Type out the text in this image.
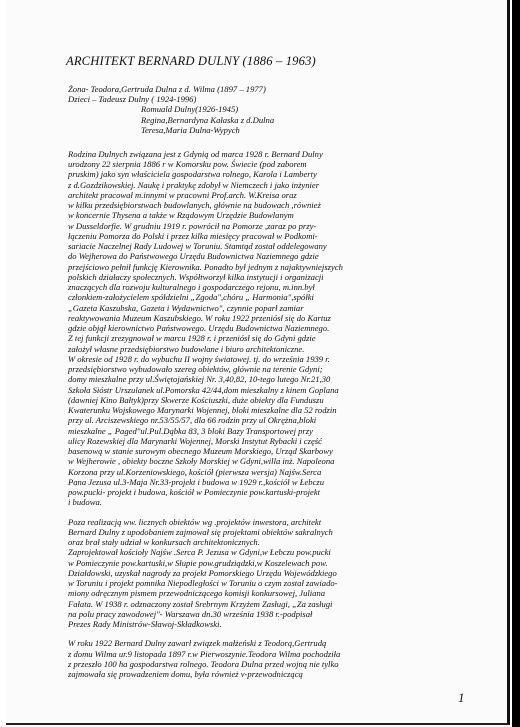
ARCHITEKT BERNARD DULNY (1886 – 1963)
Żona- Teodora,Gertruda Dulna z d. Wilma (1897 – 1977)
Dzieci – Tadeusz Dulny ( 1924-1996)
Romuald Dulny(1926-1945)
Regina,Bernardyna Kałaska z d.Dulna
Teresa,Maria Dulna-Wypych
Rodzina Dulnych związana jest z Gdynią od marca 1928 r. Bernard Dulny
urodzony 22 sierpnia 1886 r w Komorsku pow. Świecie (pod zaborem
pruskim) jako syn właściciela gospodarstwa rolnego, Karola i Lamberty
z d.Gozdzikowskiej. Naukę i praktykę zdobył w Niemczech i jako inżynier
architekt pracował m.innymi w pracowni Prof.arch. W.Kreisa oraz
w kilku przedsiębiorstwach budowlanych, głównie na budowach ,również
w koncernie Thysena a także w Rządowym Urzędzie Budowlanym
w Dusseldorfie. W grudniu 1919 r. powrócił na Pomorze ,zaraz po przy-
łączeniu Pomorza do Polski i przez kilka miesięcy pracował w Podkomi-
sariacie Naczelnej Rady Ludowej w Toruniu. Stamtąd został oddelegowany
do Wejherowa do Państwowego Urzędu Budownictwa Naziemnego gdzie
przejściowo pełnił funkcję Kierownika. Ponadto był jednym z najaktywniejszych
polskich działaczy społecznych. Współtworzył kilka instytucji i organizacji
znaczących dla rozwoju kulturalnego i gospodarczego rejonu, m.inn.był
członkiem-założycielem spółdzielni „Zgoda",chóru „ Harmonia",spółki
„Gazeta Kaszubska, Gazeta i Wydawnictwo", czynnie poparł zamiar
reaktywowania Muzeum Kaszubskiego. W roku 1922 przeniósł się do Kartuz
gdzie objął kierownictwo Państwowego. Urzędu Budownictwa Naziemnego.
Z tej funkcji zrezygnował w marcu 1928 r. i przeniósł się do Gdyni gdzie
założył własne przedsiębiorstwo budowlane i biuro architektoniczne.
W okresie od 1928 r. do wybuchu II wojny światowej. tj. do września 1939 r.
przedsiębiorstwo wybudowało szereg obiektów, głównie na terenie Gdyni;
domy mieszkalne przy ul.Świętojańskiej Nr. 3,40,82, 10-tego lutego Nr.21,30
Szkoła Sióstr Urszulanek ul.Pomorska 42/44,dom mieszkalny z kinem Goplana
(dawniej Kino Bałtyk)przy Skwerze Kościuszki, duże obiekty dla Funduszu
Kwaterunku Wojskowego Marynarki Wojennej, bloki mieszkalne dla 52 rodzin
przy ul. Arciszewskiego nr.53/55/57, dla 66 rodzin przy ul Okrężna,bloki
mieszkalne „ Paged"ul.Pul.Dąbka 83, 3 bloki Bazy Transportowej przy
ulicy Rozewskiej dla Marynarki Wojennej, Morski Instytut Rybacki i część
basenową w stanie surowym obecnego Muzeum Morskiego, Urząd Skarbowy
w Wejherowie , obiekty boczne Szkoły Morskiej w Gdyni,willa inż. Napoleona
Korzona przy ul.Korzeniowskiego, kościół (pierwsza wersja) Najśw.Serca
Pana Jezusa ul.3-Maja Nr.33-projekt i budowa w 1929 r.,kościół w Łebczu
pow.pucki- projekt i budowa, kościół w Pomieczynie pow.kartuski-projekt
i budowa.
Poza realizacją ww. licznych obiektów wg .projektów inwestora, architekt
Bernard Dulny z upodobaniem zajmował się projektami obiektów sakralnych
oraz brał stały udział w konkursach architektonicznych.
Zaprojektował kościoły Najśw .Serca P. Jezusa w Gdyni,w Łebczu pow.pucki
w Pomieczynie pow.kartuski,w Słupie pow.grudziądzki,w Koszelewach pow.
Działdowski, uzyskał nagrody za projekt Pomorskiego Urzędu Wojewódzkiego
w Toruniu i projekt pomnika Niepodległości w Toruniu o czym został zawiado-
miony odręcznym pismem przewodniczącego komisji konkursowej, Juliana
Fałata. W 1938 r. odznaczony został Srebrnym Krzyżem Zasługi, „Za zasługi
na polu pracy zawodowej"- Warszawa dn.30 września 1938 r.-podpisał
Prezes Rady Ministrów-Sławoj-Składkowski.
W roku 1922 Bernard Dulny zawarł związek małżeński z Teodorą,Gertrudą
z domu Wilma ur.9 listopada 1897 r.w Pierwoszynie.Teodora Wilma pochodziła
z przeszło 100 ha gospodarstwa rolnego. Teodora Dulna przed wojną nie tylko
zajmowała się prowadzeniem domu, była również v-przewodniczącą
1
